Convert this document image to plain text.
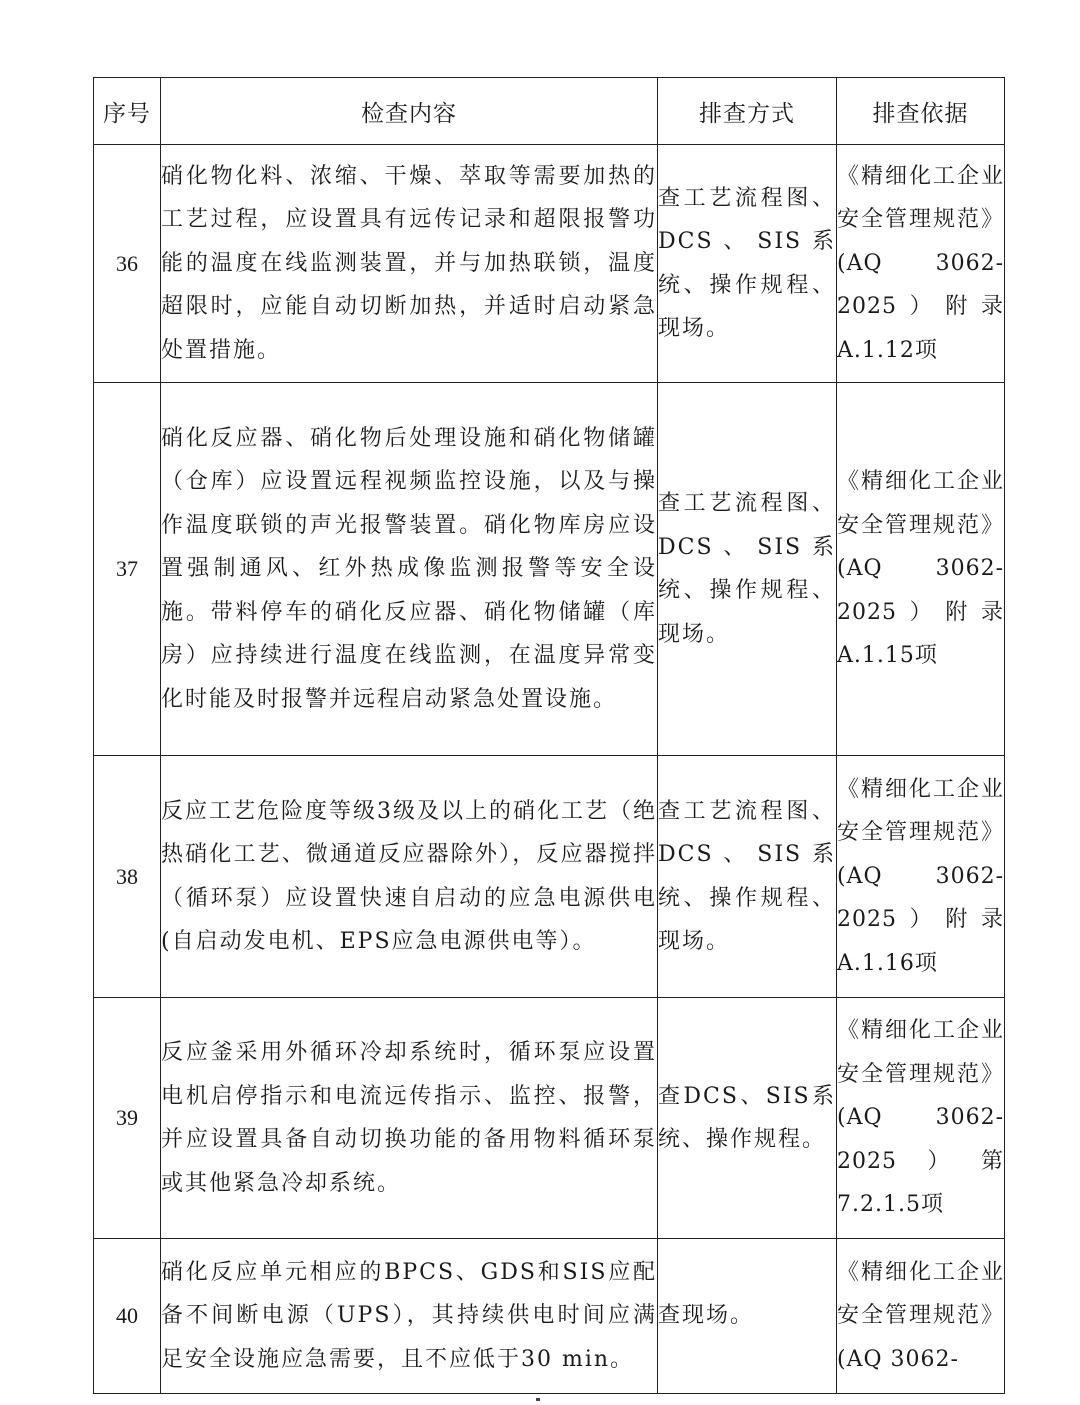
序号	检查内容	排查方式	排查依据
36	硝化物化料、浓缩、干燥、萃取等需要加热的工艺过程，应设置具有远传记录和超限报警功能的温度在线监测装置，并与加热联锁，温度超限时，应能自动切断加热，并适时启动紧急处置措施。	查工艺流程图、DCS、SIS系统、操作规程、现场。	《精细化工企业安全管理规范》(AQ 3062-2025）附录A.1.12项
37	硝化反应器、硝化物后处理设施和硝化物储罐（仓库）应设置远程视频监控设施，以及与操作温度联锁的声光报警装置。硝化物库房应设置强制通风、红外热成像监测报警等安全设施。带料停车的硝化反应器、硝化物储罐（库房）应持续进行温度在线监测，在温度异常变化时能及时报警并远程启动紧急处置设施。	查工艺流程图、DCS、SIS系统、操作规程、现场。	《精细化工企业安全管理规范》(AQ 3062-2025）附录A.1.15项
38	反应工艺危险度等级3级及以上的硝化工艺（绝热硝化工艺、微通道反应器除外），反应器搅拌（循环泵）应设置快速自启动的应急电源供电(自启动发电机、EPS应急电源供电等）。	查工艺流程图、DCS、SIS系统、操作规程、现场。	《精细化工企业安全管理规范》(AQ 3062-2025）附录A.1.16项
39	反应釜采用外循环冷却系统时，循环泵应设置电机启停指示和电流远传指示、监控、报警，并应设置具备自动切换功能的备用物料循环泵或其他紧急冷却系统。	查DCS、SIS系统、操作规程。	《精细化工企业安全管理规范》(AQ 3062-2025）第7.2.1.5项
40	硝化反应单元相应的BPCS、GDS和SIS应配备不间断电源（UPS），其持续供电时间应满足安全设施应急需要，且不应低于30 min。	查现场。	《精细化工企业安全管理规范》(AQ 3062-
